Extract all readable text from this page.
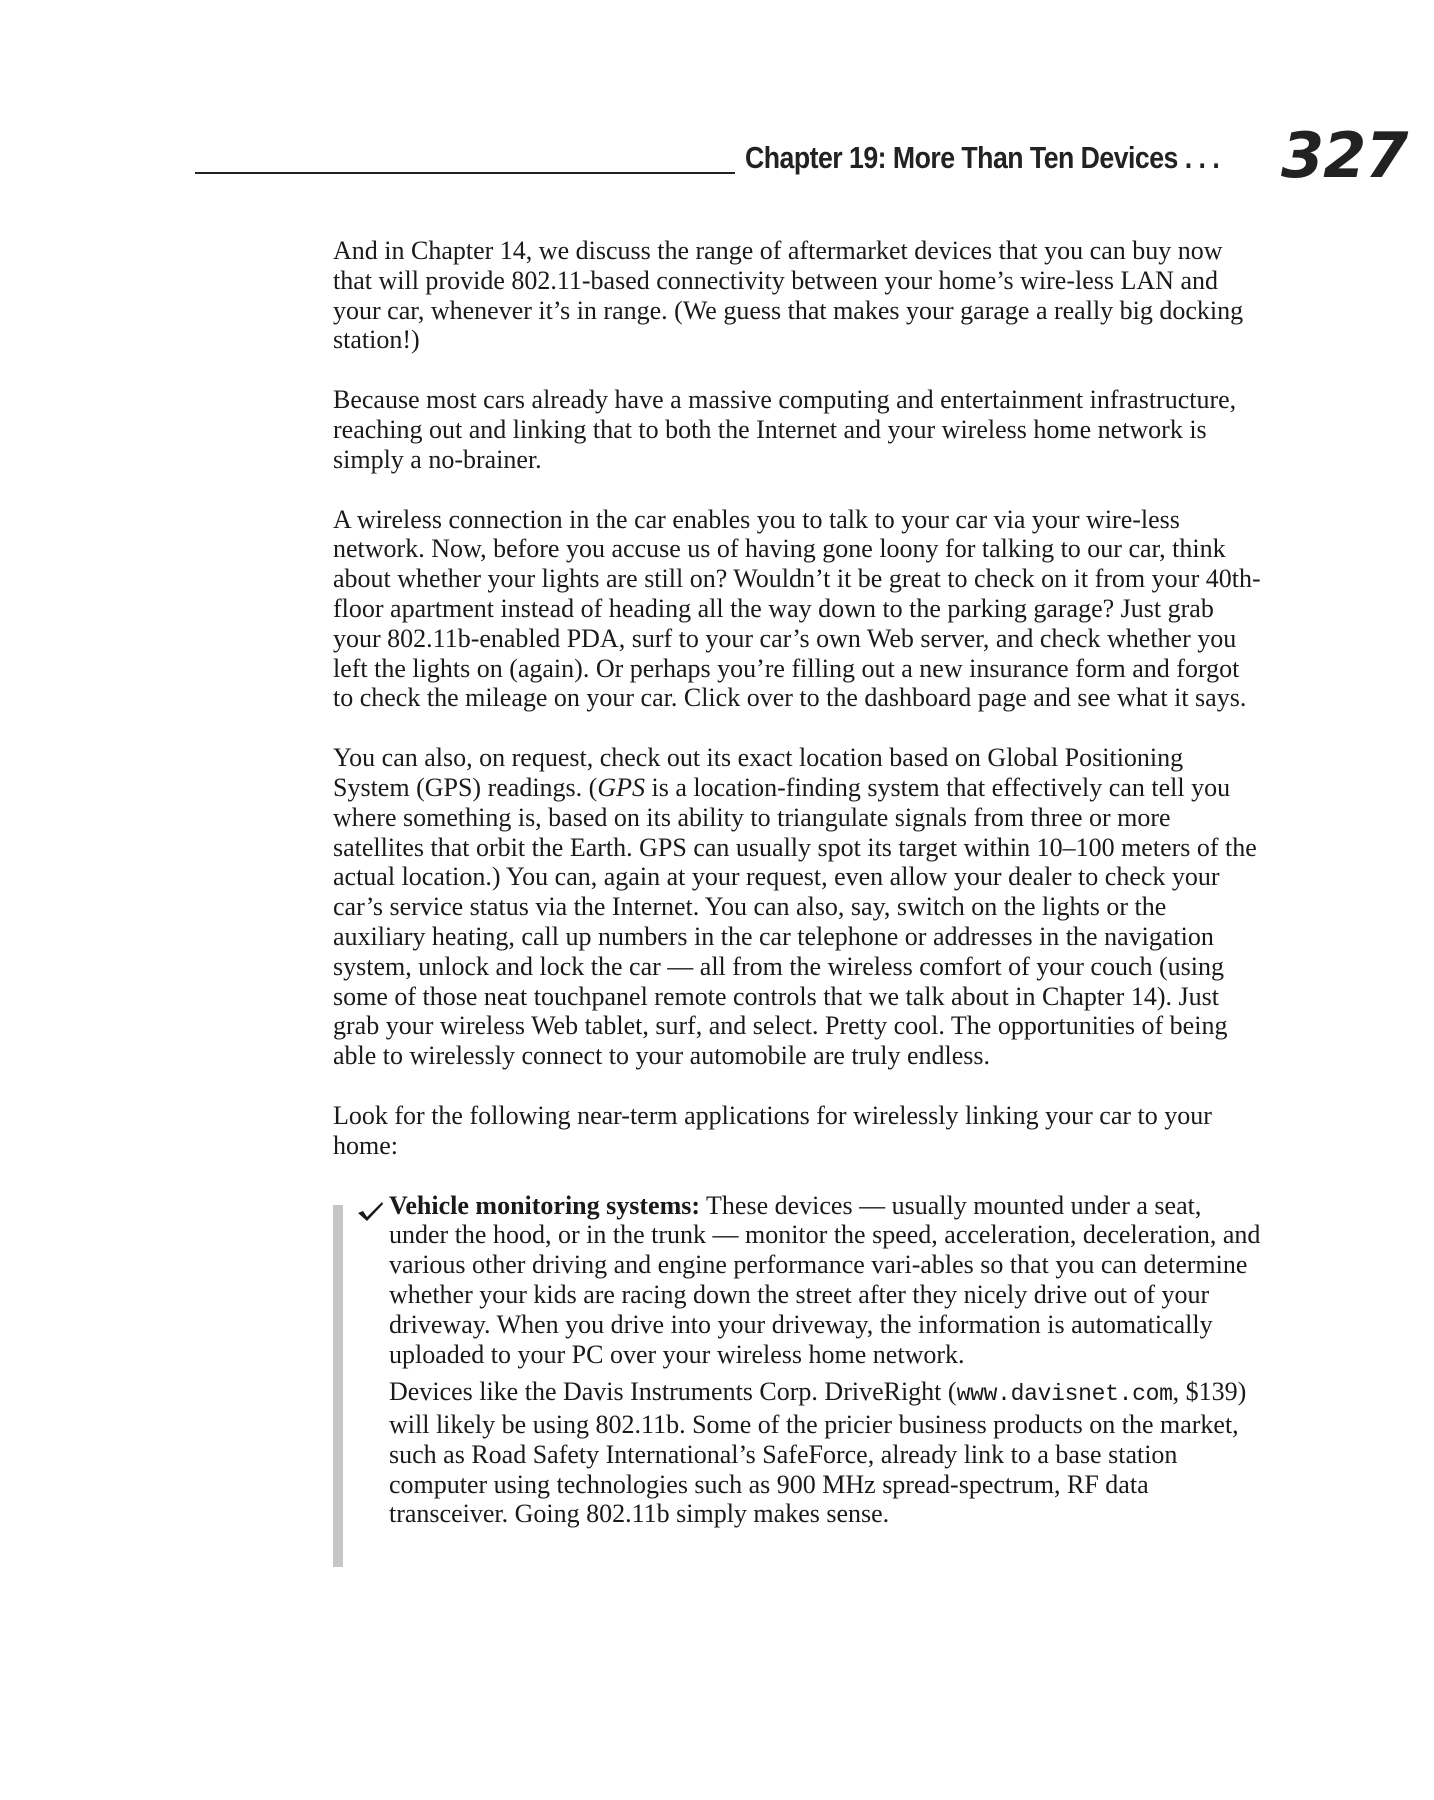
Chapter 19: More Than Ten Devices . . . 327

And in Chapter 14, we discuss the range of aftermarket devices that you can buy now that will provide 802.11-based connectivity between your home’s wire-less LAN and your car, whenever it’s in range. (We guess that makes your garage a really big docking station!)

Because most cars already have a massive computing and entertainment infrastructure, reaching out and linking that to both the Internet and your wireless home network is simply a no-brainer.

A wireless connection in the car enables you to talk to your car via your wire-less network. Now, before you accuse us of having gone loony for talking to our car, think about whether your lights are still on? Wouldn’t it be great to check on it from your 40th-floor apartment instead of heading all the way down to the parking garage? Just grab your 802.11b-enabled PDA, surf to your car’s own Web server, and check whether you left the lights on (again). Or perhaps you’re filling out a new insurance form and forgot to check the mileage on your car. Click over to the dashboard page and see what it says.

You can also, on request, check out its exact location based on Global Positioning System (GPS) readings. (GPS is a location-finding system that effectively can tell you where something is, based on its ability to triangulate signals from three or more satellites that orbit the Earth. GPS can usually spot its target within 10–100 meters of the actual location.) You can, again at your request, even allow your dealer to check your car’s service status via the Internet. You can also, say, switch on the lights or the auxiliary heating, call up numbers in the car telephone or addresses in the navigation system, unlock and lock the car — all from the wireless comfort of your couch (using some of those neat touchpanel remote controls that we talk about in Chapter 14). Just grab your wireless Web tablet, surf, and select. Pretty cool. The opportunities of being able to wirelessly connect to your automobile are truly endless.

Look for the following near-term applications for wirelessly linking your car to your home:

Vehicle monitoring systems: These devices — usually mounted under a seat, under the hood, or in the trunk — monitor the speed, acceleration, deceleration, and various other driving and engine performance vari-ables so that you can determine whether your kids are racing down the street after they nicely drive out of your driveway. When you drive into your driveway, the information is automatically uploaded to your PC over your wireless home network.

Devices like the Davis Instruments Corp. DriveRight (www.davisnet.com, $139) will likely be using 802.11b. Some of the pricier business products on the market, such as Road Safety International’s SafeForce, already link to a base station computer using technologies such as 900 MHz spread-spectrum, RF data transceiver. Going 802.11b simply makes sense.
